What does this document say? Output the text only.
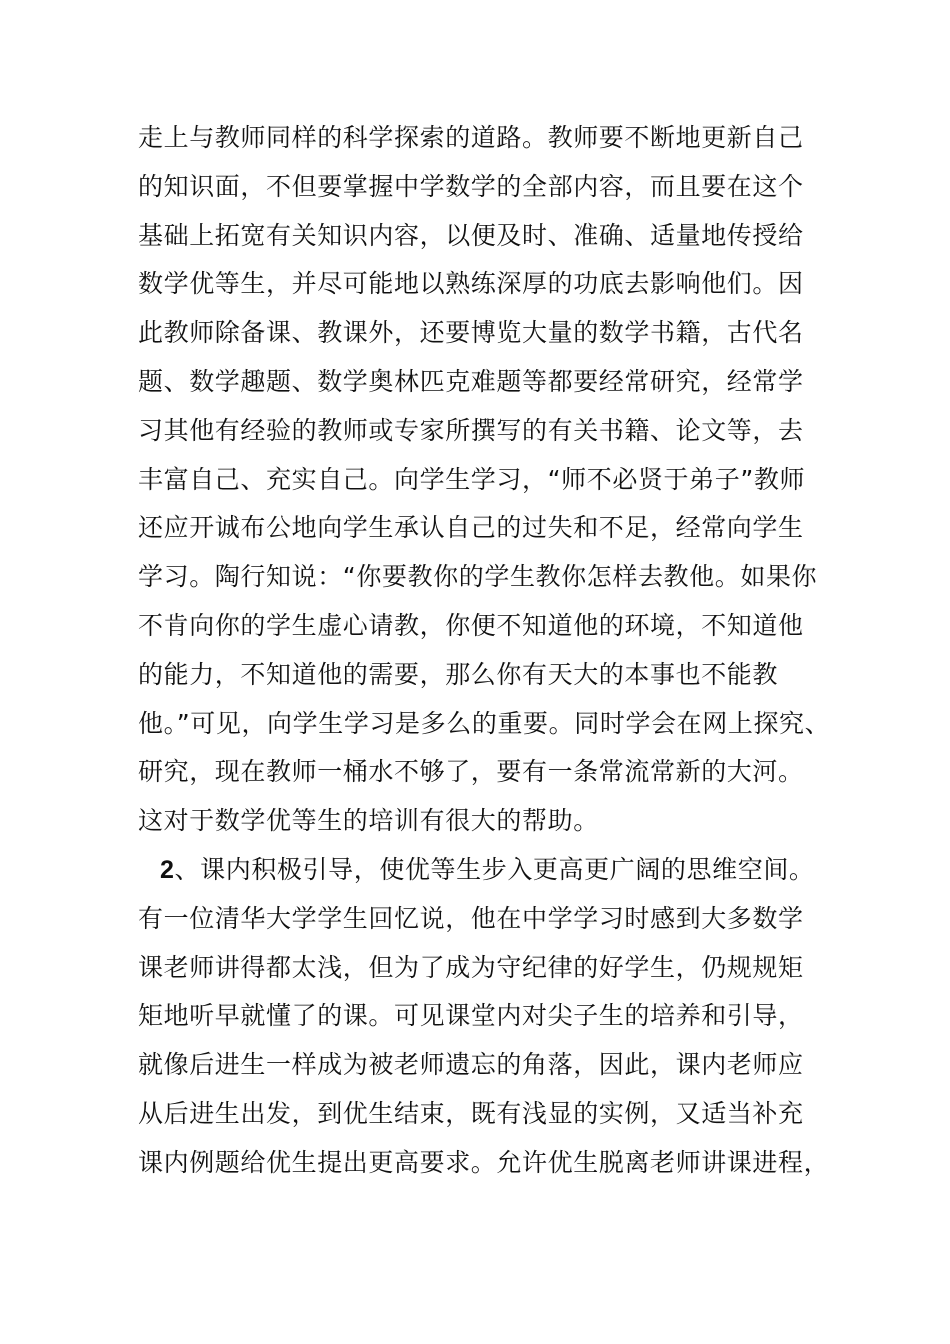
走上与教师同样的科学探索的道路。教师要不断地更新自己
的知识面，不但要掌握中学数学的全部内容，而且要在这个
基础上拓宽有关知识内容，以便及时、准确、适量地传授给
数学优等生，并尽可能地以熟练深厚的功底去影响他们。因
此教师除备课、教课外，还要博览大量的数学书籍，古代名
题、数学趣题、数学奥林匹克难题等都要经常研究，经常学
习其他有经验的教师或专家所撰写的有关书籍、论文等，去
丰富自己、充实自己。向学生学习，“师不必贤于弟子”教师
还应开诚布公地向学生承认自己的过失和不足，经常向学生
学习。陶行知说：“你要教你的学生教你怎样去教他。如果你
不肯向你的学生虚心请教，你便不知道他的环境，不知道他
的能力，不知道他的需要，那么你有天大的本事也不能教
他。”可见，向学生学习是多么的重要。同时学会在网上探究、
研究，现在教师一桶水不够了，要有一条常流常新的大河。
这对于数学优等生的培训有很大的帮助。
2、课内积极引导，使优等生步入更高更广阔的思维空间。
有一位清华大学学生回忆说，他在中学学习时感到大多数学
课老师讲得都太浅，但为了成为守纪律的好学生，仍规规矩
矩地听早就懂了的课。可见课堂内对尖子生的培养和引导，
就像后进生一样成为被老师遗忘的角落，因此，课内老师应
从后进生出发，到优生结束，既有浅显的实例，又适当补充
课内例题给优生提出更高要求。允许优生脱离老师讲课进程，
